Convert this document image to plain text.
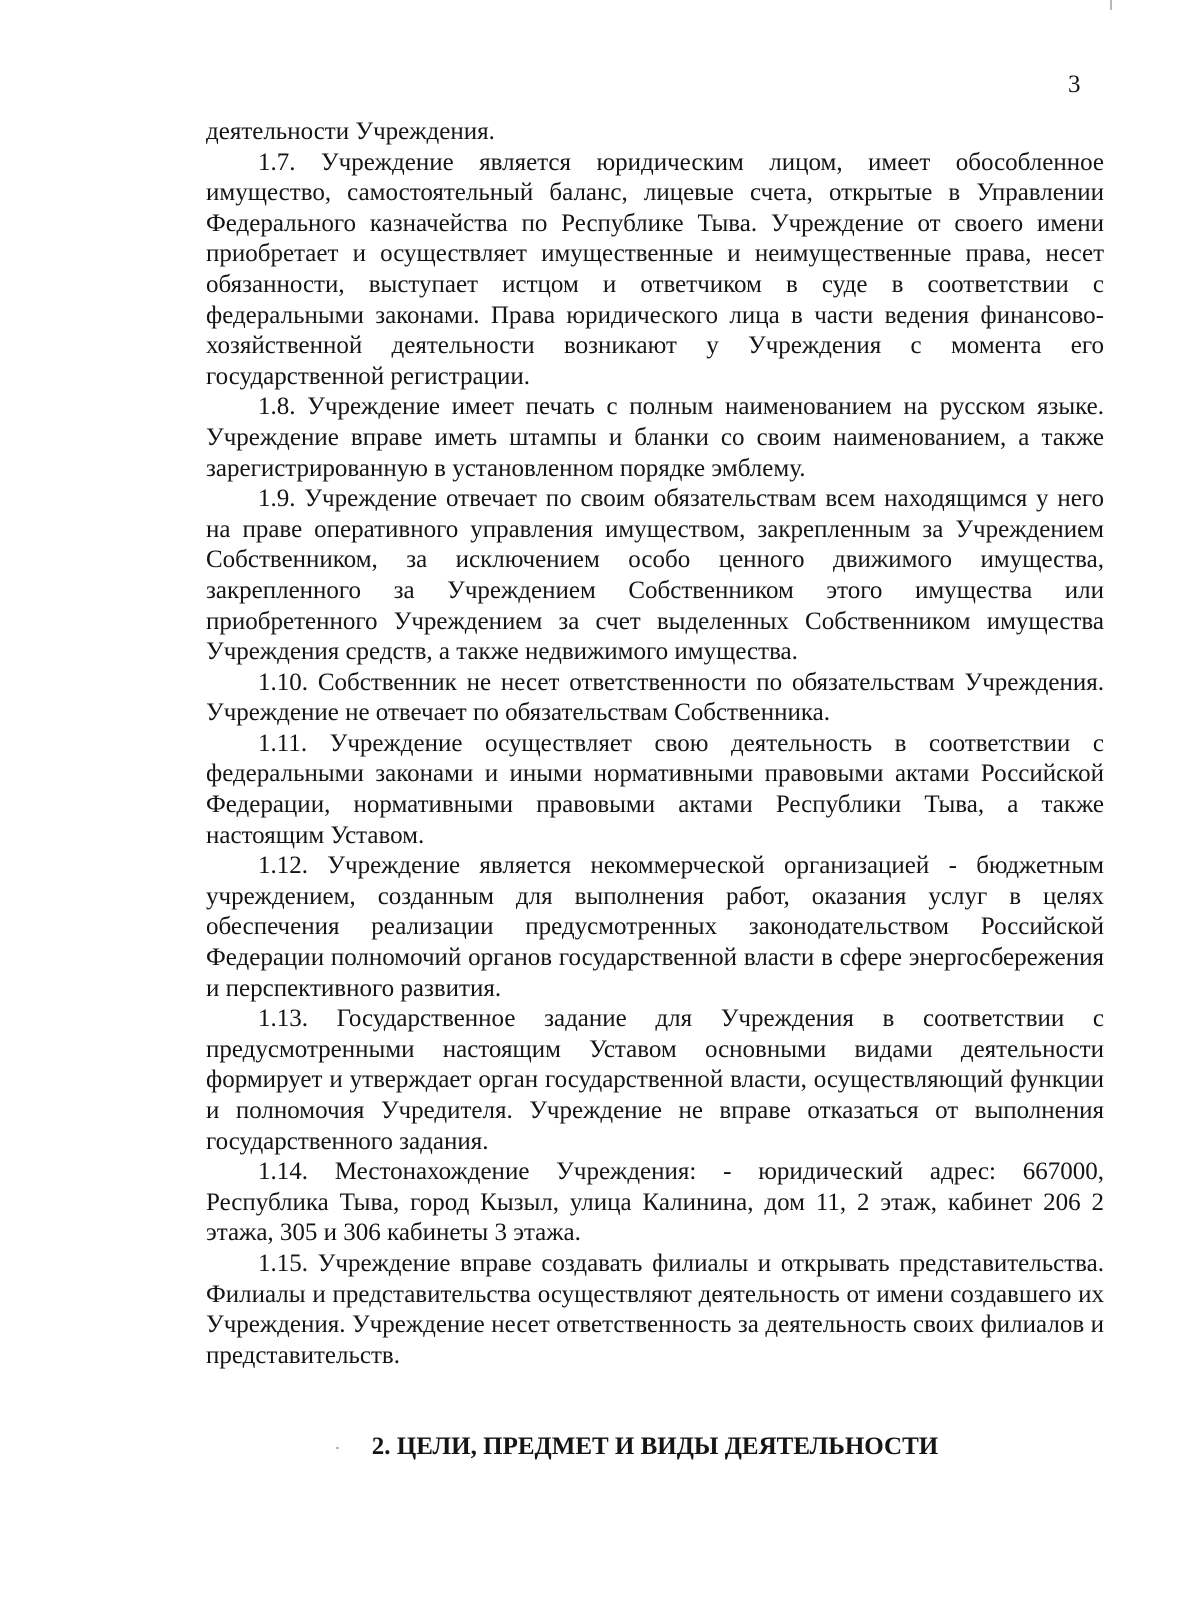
3

деятельности Учреждения.

1.7. Учреждение является юридическим лицом, имеет обособленное имущество, самостоятельный баланс, лицевые счета, открытые в Управлении Федерального казначейства по Республике Тыва. Учреждение от своего имени приобретает и осуществляет имущественные и неимущественные права, несет обязанности, выступает истцом и ответчиком в суде в соответствии с федеральными законами. Права юридического лица в части ведения финансово-хозяйственной деятельности возникают у Учреждения с момента его государственной регистрации.

1.8. Учреждение имеет печать с полным наименованием на русском языке. Учреждение вправе иметь штампы и бланки со своим наименованием, а также зарегистрированную в установленном порядке эмблему.

1.9. Учреждение отвечает по своим обязательствам всем находящимся у него на праве оперативного управления имуществом, закрепленным за Учреждением Собственником, за исключением особо ценного движимого имущества, закрепленного за Учреждением Собственником этого имущества или приобретенного Учреждением за счет выделенных Собственником имущества Учреждения средств, а также недвижимого имущества.

1.10. Собственник не несет ответственности по обязательствам Учреждения. Учреждение не отвечает по обязательствам Собственника.

1.11. Учреждение осуществляет свою деятельность в соответствии с федеральными законами и иными нормативными правовыми актами Российской Федерации, нормативными правовыми актами Республики Тыва, а также настоящим Уставом.

1.12. Учреждение является некоммерческой организацией - бюджетным учреждением, созданным для выполнения работ, оказания услуг в целях обеспечения реализации предусмотренных законодательством Российской Федерации полномочий органов государственной власти в сфере энергосбережения и перспективного развития.

1.13. Государственное задание для Учреждения в соответствии с предусмотренными настоящим Уставом основными видами деятельности формирует и утверждает орган государственной власти, осуществляющий функции и полномочия Учредителя. Учреждение не вправе отказаться от выполнения государственного задания.

1.14. Местонахождение Учреждения: - юридический адрес: 667000, Республика Тыва, город Кызыл, улица Калинина, дом 11, 2 этаж, кабинет 206 2 этажа, 305 и 306 кабинеты 3 этажа.

1.15. Учреждение вправе создавать филиалы и открывать представительства. Филиалы и представительства осуществляют деятельность от имени создавшего их Учреждения. Учреждение несет ответственность за деятельность своих филиалов и представительств.

2. ЦЕЛИ, ПРЕДМЕТ И ВИДЫ ДЕЯТЕЛЬНОСТИ
